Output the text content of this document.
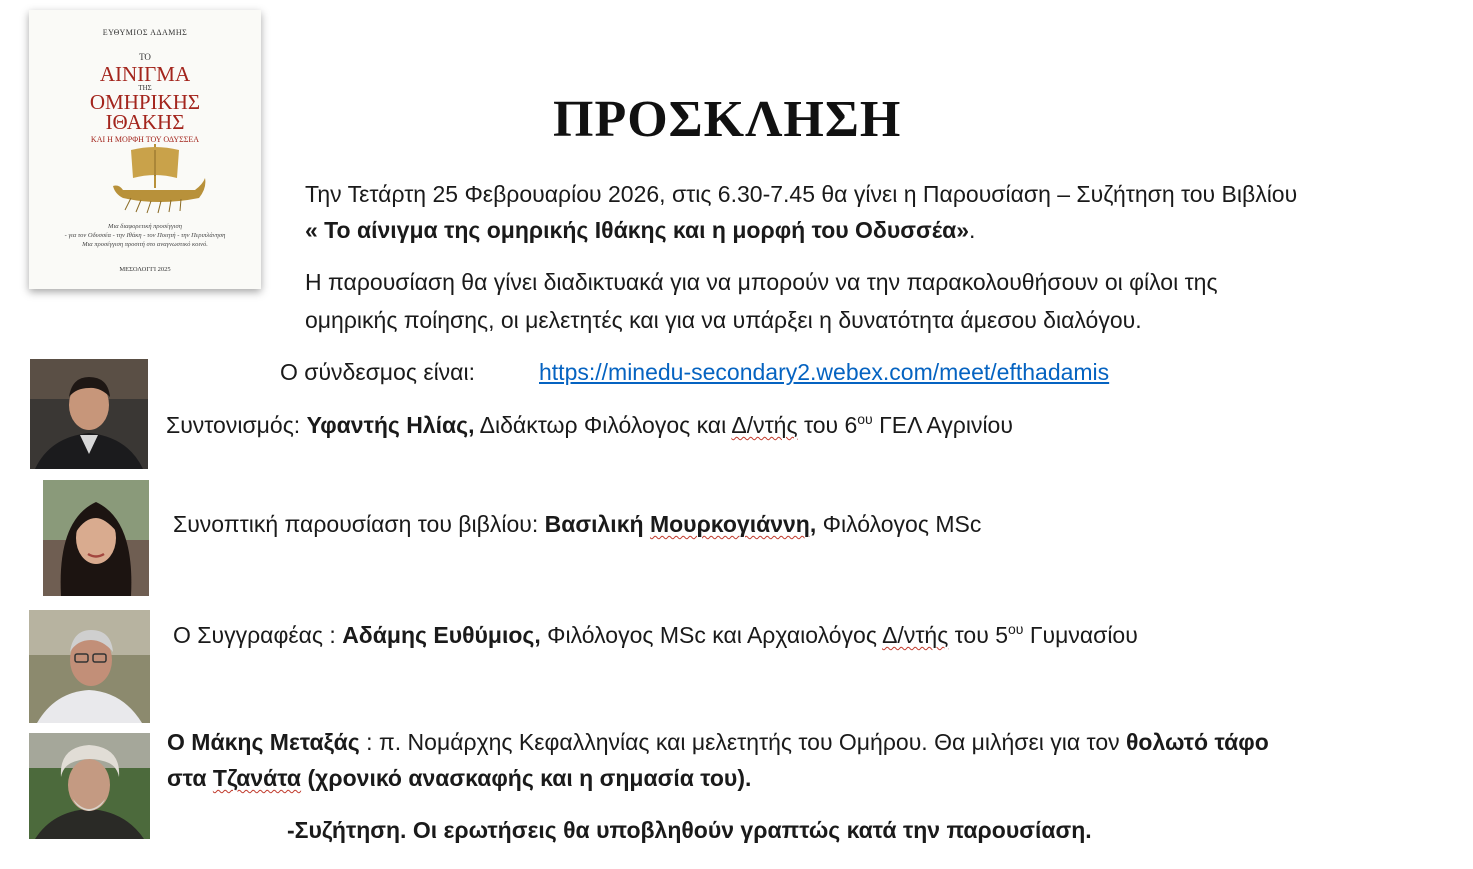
ΕΥΘΥΜΙΟΣ ΑΔΑΜΗΣ
ΤΟ
ΑΙΝΙΓΜΑ
ΤΗΣ
ΟΜΗΡΙΚΗΣ
ΙΘΑΚΗΣ
ΚΑΙ Η ΜΟΡΦΗ ΤΟΥ ΟΔΥΣΣΕΑ
Μια διαφορετική προσέγγιση
- για τον Οδυσσέα - την Ιθάκη - τον Ποιητή - την Περιπλάνηση
Μια προσέγγιση προσιτή στο αναγνωστικό κοινό.
ΜΕΣΟΛΟΓΓΙ 2025
ΠΡΟΣΚΛΗΣΗ
Την Τετάρτη 25 Φεβρουαρίου 2026, στις 6.30-7.45 θα γίνει η Παρουσίαση – Συζήτηση του Βιβλίου
« Το αίνιγμα της ομηρικής Ιθάκης και η μορφή του Οδυσσέα».
Η παρουσίαση θα γίνει διαδικτυακά για να μπορούν να την παρακολουθήσουν οι φίλοι της
ομηρικής ποίησης, οι μελετητές και για να υπάρξει η δυνατότητα άμεσου διαλόγου.
Ο σύνδεσμος είναι:	https://minedu-secondary2.webex.com/meet/efthadamis
Συντονισμός: Υφαντής Ηλίας, Διδάκτωρ Φιλόλογος και Δ/ντής του $6^{o\upsilon}$ ΓΕΛ Αγρινίου
Συνοπτική παρουσίαση του βιβλίου: Βασιλική Μουρκογιάννη, Φιλόλογος MSc
Ο Συγγραφέας : Αδάμης Ευθύμιος, Φιλόλογος MSc και Αρχαιολόγος Δ/ντής του $5^{o\upsilon}$ Γυμνασίου
Ο Μάκης Μεταξάς : π. Νομάρχης Κεφαλληνίας και μελετητής του Ομήρου. Θα μιλήσει για τον θολωτό τάφο
στα Τζανάτα (χρονικό ανασκαφής και η σημασία του).
-Συζήτηση. Οι ερωτήσεις θα υποβληθούν γραπτώς κατά την παρουσίαση.
